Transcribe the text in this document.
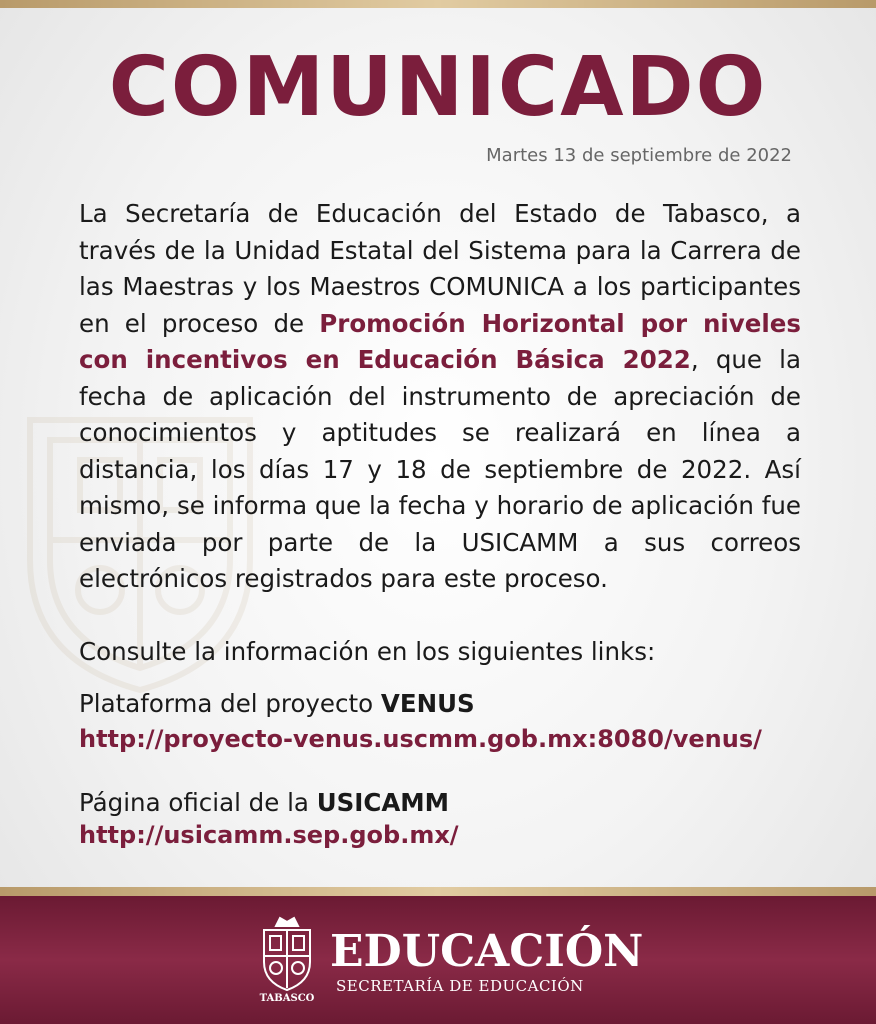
COMUNICADO
Martes 13 de septiembre de 2022
La Secretaría de Educación del Estado de Tabasco, a través de la Unidad Estatal del Sistema para la Carrera de las Maestras y los Maestros COMUNICA a los participantes en el proceso de Promoción Horizontal por niveles con incentivos en Educación Básica 2022, que la fecha de aplicación del instrumento de apreciación de conocimientos y aptitudes se realizará en línea a distancia, los días 17 y 18 de septiembre de 2022. Así mismo, se informa que la fecha y horario de aplicación fue enviada por parte de la USICAMM a sus correos electrónicos registrados para este proceso.
Consulte la información en los siguientes links:
Plataforma del proyecto VENUS
http://proyecto-venus.uscmm.gob.mx:8080/venus/
Página oficial de la USICAMM
http://usicamm.sep.gob.mx/
TABASCO
EDUCACIÓN
SECRETARÍA DE EDUCACIÓN
